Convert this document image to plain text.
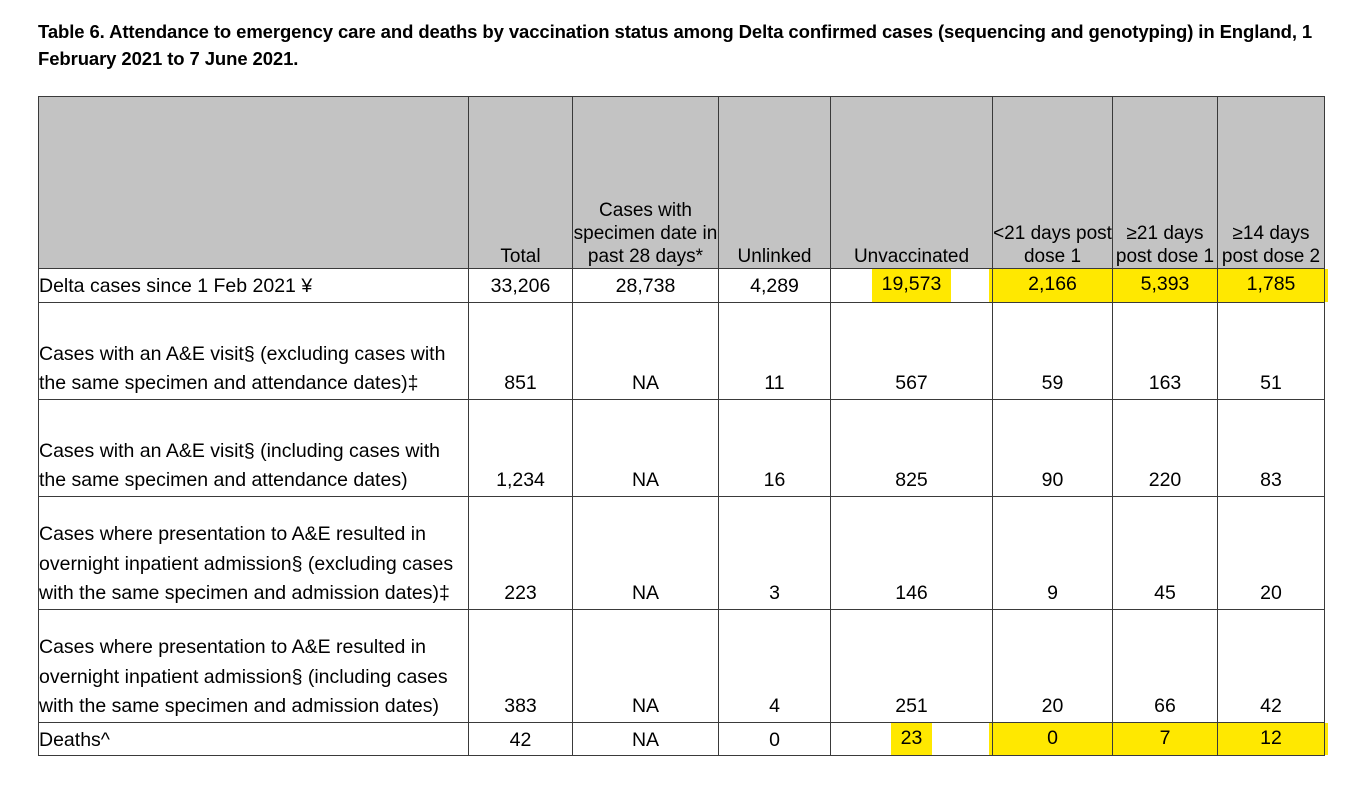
Table 6. Attendance to emergency care and deaths by vaccination status among Delta confirmed cases (sequencing and genotyping) in England, 1 February 2021 to 7 June 2021.
	Total	Cases with specimen date in past 28 days*	Unlinked	Unvaccinated	<21 days post dose 1	≥21 days post dose 1	≥14 days post dose 2
Delta cases since 1 Feb 2021 ¥	33,206	28,738	4,289	19,573	2,166	5,393	1,785

Cases with an A&E visit§ (excluding cases with the same specimen and attendance dates)‡	851	NA	11	567	59	163	51
Cases with an A&E visit§ (including cases with the same specimen and attendance dates)	1,234	NA	16	825	90	220	83
Cases where presentation to A&E resulted in overnight inpatient admission§ (excluding cases with the same specimen and admission dates)‡	223	NA	3	146	9	45	20
Cases where presentation to A&E resulted in overnight inpatient admission§ (including cases with the same specimen and admission dates)	383	NA	4	251	20	66	42
Deaths^	42	NA	0	23	0	7	12
